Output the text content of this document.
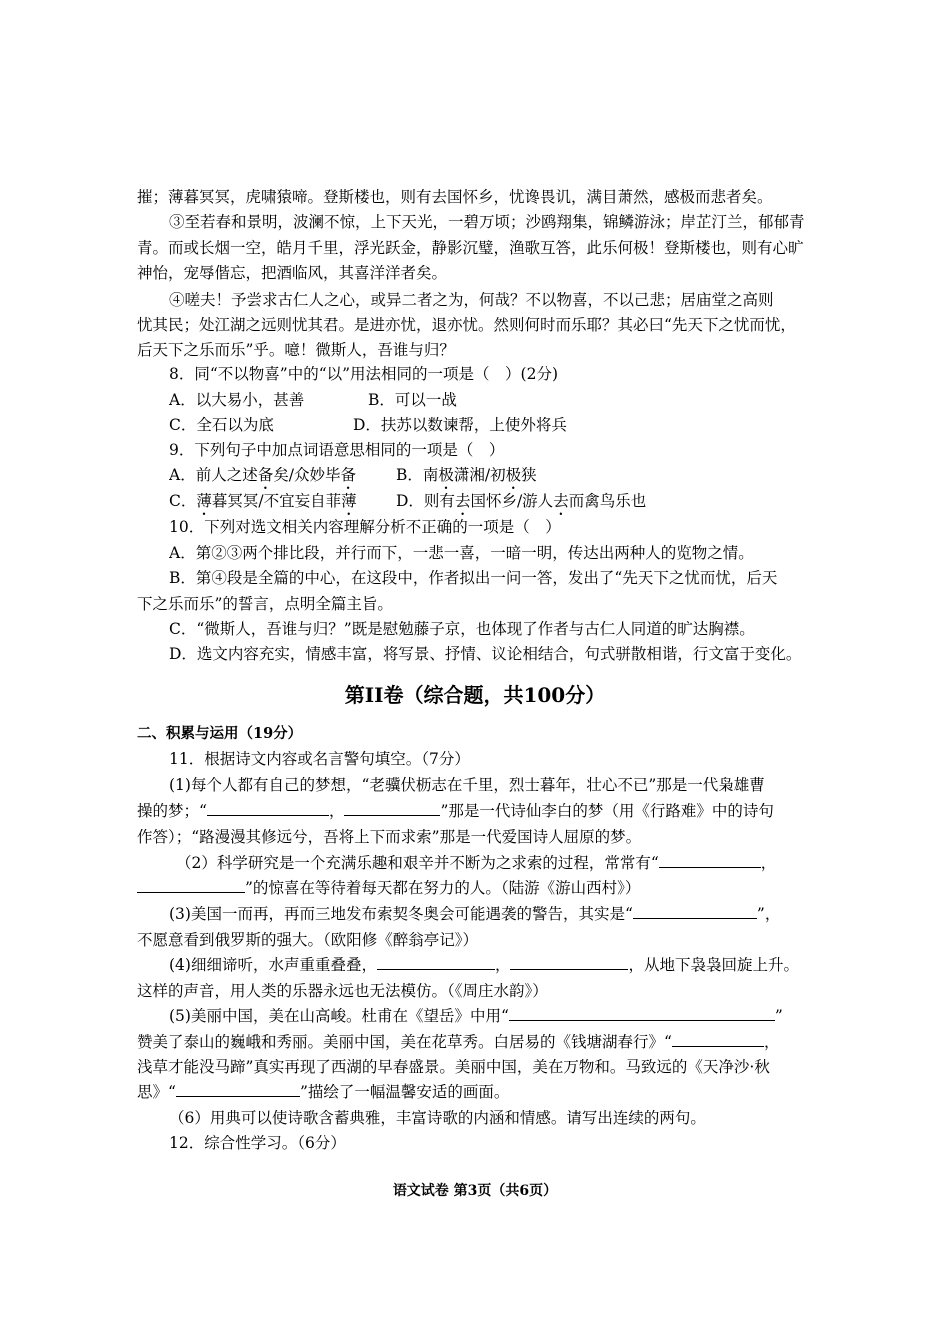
摧；薄暮冥冥，虎啸猿啼。登斯楼也，则有去国怀乡，忧谗畏讥，满目萧然，感极而悲者矣。
③至若春和景明，波澜不惊，上下天光，一碧万顷；沙鸥翔集，锦鳞游泳；岸芷汀兰，郁郁青
青。而或长烟一空，皓月千里，浮光跃金，静影沉璧，渔歌互答，此乐何极！登斯楼也，则有心旷
神怡，宠辱偕忘，把酒临风，其喜洋洋者矣。
④嗟夫！予尝求古仁人之心，或异二者之为，何哉？不以物喜，不以己悲；居庙堂之高则
忧其民；处江湖之远则忧其君。是进亦忧，退亦忧。然则何时而乐耶？其必曰“先天下之忧而忧，
后天下之乐而乐”乎。噫！微斯人，吾谁与归？
8．同“不以物喜”中的“以”用法相同的一项是（　）(2分)
A．以大易小，甚善	B．可以一战
C．全石以为底	D．扶苏以数谏帮，上使外将兵
9．下列句子中加点词语意思相同的一项是（　）
A．前人之述备矣/众妙毕备	B．南极潇湘/初极狭
C．薄暮冥冥/不宜妄自菲薄	D．则有去国怀乡/游人去而禽鸟乐也
10．下列对选文相关内容理解分析不正确的一项是（　）
A．第②③两个排比段，并行而下，一悲一喜，一暗一明，传达出两种人的览物之情。
B．第④段是全篇的中心，在这段中，作者拟出一问一答，发出了“先天下之忧而忧，后天
下之乐而乐”的誓言，点明全篇主旨。
C．“微斯人，吾谁与归？”既是慰勉藤子京，也体现了作者与古仁人同道的旷达胸襟。
D．选文内容充实，情感丰富，将写景、抒情、议论相结合，句式骈散相谐，行文富于变化。
第II卷（综合题，共100分）
二、积累与运用（19分）
11．根据诗文内容或名言警句填空。（7分）
(1)每个人都有自己的梦想，“老骥伏枥志在千里，烈士暮年，壮心不已”那是一代枭雄曹
操的梦；“	，	”那是一代诗仙李白的梦（用《行路难》中的诗句
作答）；“路漫漫其修远兮，吾将上下而求索”那是一代爱国诗人屈原的梦。
（2）科学研究是一个充满乐趣和艰辛并不断为之求索的过程，常常有“	，
”的惊喜在等待着每天都在努力的人。（陆游《游山西村》）
(3)美国一而再，再而三地发布索契冬奥会可能遇袭的警告，其实是“	”，
不愿意看到俄罗斯的强大。（欧阳修《醉翁亭记》）
(4)细细谛听，水声重重叠叠，	，	，从地下袅袅回旋上升。
这样的声音，用人类的乐器永远也无法模仿。（《周庄水韵》）
(5)美丽中国，美在山高峻。杜甫在《望岳》中用“	”
赞美了泰山的巍峨和秀丽。美丽中国，美在花草秀。白居易的《钱塘湖春行》“	，
浅草才能没马蹄”真实再现了西湖的早春盛景。美丽中国，美在万物和。马致远的《天净沙·秋
思》“	”描绘了一幅温馨安适的画面。
（6）用典可以使诗歌含蓄典雅，丰富诗歌的内涵和情感。请写出连续的两句。
12．综合性学习。（6分）
语文试卷 第3页（共6页）
